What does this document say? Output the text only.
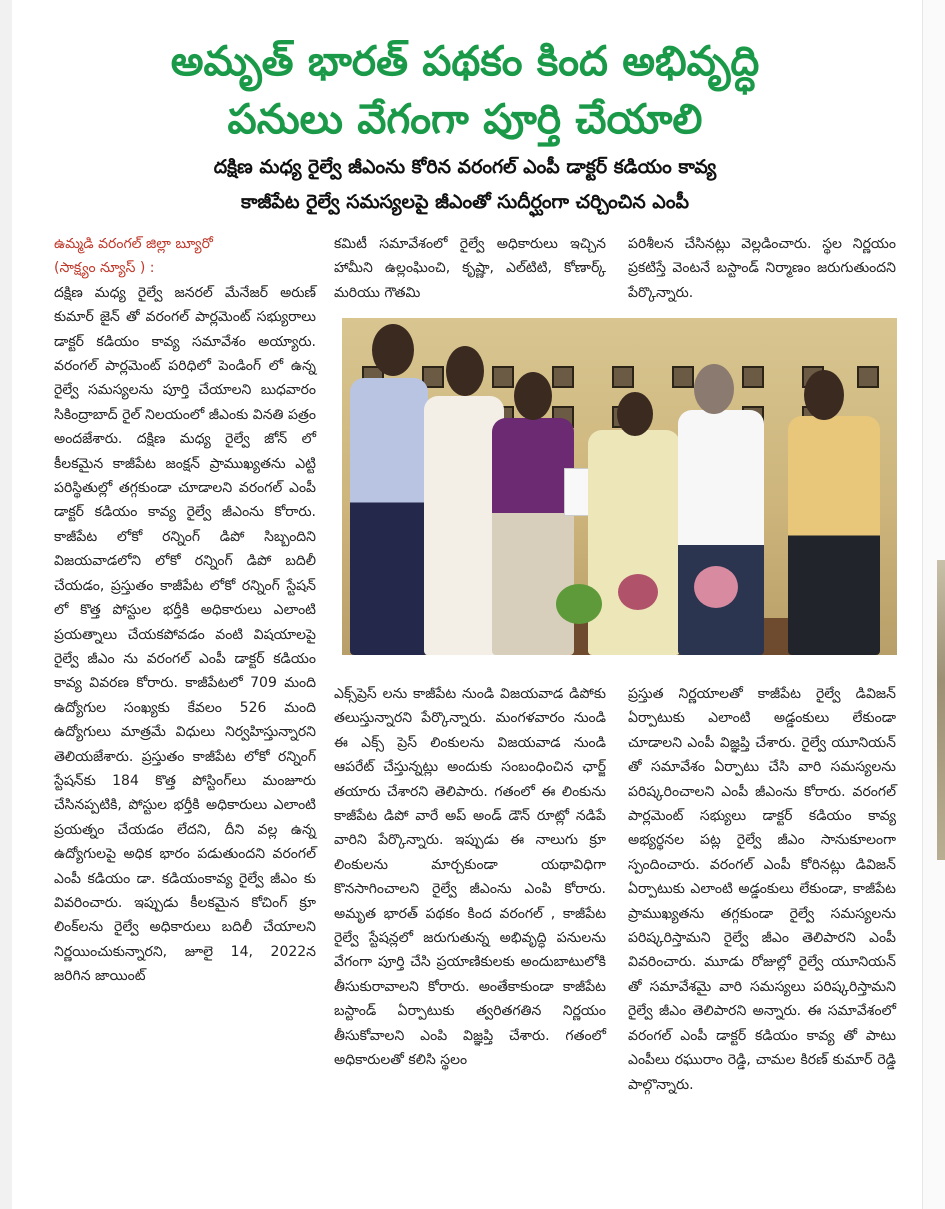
అమృత్ భారత్ పథకం కింద అభివృద్ధి
పనులు వేగంగా పూర్తి చేయాలి
దక్షిణ మధ్య రైల్వే జీఎంను కోరిన వరంగల్ ఎంపీ డాక్టర్ కడియం కావ్య
కాజీపేట రైల్వే సమస్యలపై జీఎంతో సుదీర్ఘంగా చర్చించిన ఎంపీ

ఉమ్మడి వరంగల్ జిల్లా బ్యూరో

(సాక్ష్యం న్యూస్ ) :

దక్షిణ మధ్య రైల్వే జనరల్ మేనేజర్ అరుణ్ కుమార్ జైన్ తో వరంగల్ పార్లమెంట్ సభ్యురాలు డాక్టర్ కడియం కావ్య సమావేశం అయ్యారు. వరంగల్ పార్లమెంట్ పరిధిలో పెండింగ్ లో ఉన్న రైల్వే సమస్యలను పూర్తి చేయాలని బుధవారం సికింద్రాబాద్ రైల్ నిలయంలో జీఎంకు వినతి పత్రం అందజేశారు. దక్షిణ మధ్య రైల్వే జోన్ లో కీలకమైన కాజీపేట జంక్షన్ ప్రాముఖ్యతను ఎట్టి పరిస్థితుల్లో తగ్గకుండా చూడాలని వరంగల్ ఎంపీ డాక్టర్ కడియం కావ్య రైల్వే జీఎంను కోరారు. కాజీపేట లోకో రన్నింగ్ డిపో సిబ్బందిని విజయవాడలోని లోకో రన్నింగ్ డిపో బదిలీ చేయడం, ప్రస్తుతం కాజీపేట లోకో రన్నింగ్ స్టేషన్ లో కొత్త పోస్టుల భర్తీకి అధికారులు ఎలాంటి ప్రయత్నాలు చేయకపోవడం వంటి విషయాలపై రైల్వే జీఎం ను వరంగల్ ఎంపీ డాక్టర్ కడియం కావ్య వివరణ కోరారు. కాజీపేటలో 709 మంది ఉద్యోగుల సంఖ్యకు కేవలం 526 మంది ఉద్యోగులు మాత్రమే విధులు నిర్వహిస్తున్నారని తెలియజేశారు. ప్రస్తుతం కాజీపేట లోకో రన్నింగ్ స్టేషన్‌కు 184 కొత్త పోస్టింగ్‌లు మంజూరు చేసినప్పటికి, పోస్టుల భర్తీకి అధికారులు ఎలాంటి ప్రయత్నం చేయడం లేదని, దీని వల్ల ఉన్న ఉద్యోగులపై అధిక భారం పడుతుందని వరంగల్ ఎంపీ కడియం డా. కడియంకావ్య రైల్వే జీఎం కు వివరించారు. ఇప్పుడు కీలకమైన కోచింగ్ క్రూ లింక్‌లను రైల్వే అధికారులు బదిలీ చేయాలని నిర్ణయించుకున్నారని, జూలై 14, 2022న జరిగిన జాయింట్

కమిటీ సమావేశంలో రైల్వే అధికారులు ఇచ్చిన హామీని ఉల్లంఘించి, కృష్ణా, ఎల్‌టిటి, కోణార్క్ మరియు గౌతమి

పరిశీలన చేసినట్లు వెల్లడించారు. స్థల నిర్ణయం ప్రకటిస్తే వెంటనే బస్టాండ్ నిర్మాణం జరుగుతుందని పేర్కొన్నారు.

ఎక్స్‌ప్రెస్ లను కాజీపేట నుండి విజయవాడ డిపోకు తలుస్తున్నారని పేర్కొన్నారు. మంగళవారం నుండి ఈ ఎక్స్ ప్రెస్ లింకులను విజయవాడ నుండి ఆపరేట్ చేస్తున్నట్లు అందుకు సంబంధించిన ఛార్జ్ తయారు చేశారని తెలిపారు. గతంలో ఈ లింకును కాజీపేట డిపో వారే అప్ అండ్ డౌన్ రూట్లో నడిపే వారిని పేర్కొన్నారు. ఇప్పుడు ఈ నాలుగు క్రూ లింకులను మార్చకుండా యథావిధిగా కొనసాగించాలని రైల్వే జీఎంను ఎంపి కోరారు. అమృత భారత్ పథకం కింద వరంగల్ , కాజీపేట రైల్వే స్టేషన్లలో జరుగుతున్న అభివృద్ధి పనులను వేగంగా పూర్తి చేసి ప్రయాణికులకు అందుబాటులోకి తీసుకురావాలని కోరారు. అంతేకాకుండా కాజీపేట బస్టాండ్ ఏర్పాటుకు త్వరితగతిన నిర్ణయం తీసుకోవాలని ఎంపి విజ్ఞప్తి చేశారు. గతంలో అధికారులతో కలిసి స్థలం

ప్రస్తుత నిర్ణయాలతో కాజీపేట రైల్వే డివిజన్ ఏర్పాటుకు ఎలాంటి అడ్డంకులు లేకుండా చూడాలని ఎంపీ విజ్ఞప్తి చేశారు. రైల్వే యూనియన్ తో సమావేశం ఏర్పాటు చేసి వారి సమస్యలను పరిష్కరించాలని ఎంపీ జీఎంను కోరారు. వరంగల్ పార్లమెంట్ సభ్యులు డాక్టర్ కడియం కావ్య అభ్యర్థనల పట్ల రైల్వే జీఎం సానుకూలంగా స్పందించారు. వరంగల్ ఎంపీ కోరినట్లు డివిజన్ ఏర్పాటుకు ఎలాంటి అడ్డంకులు లేకుండా, కాజీపేట ప్రాముఖ్యతను తగ్గకుండా రైల్వే సమస్యలను పరిష్కరిస్తామని రైల్వే జీఎం తెలిపారని ఎంపీ వివరించారు. మూడు రోజుల్లో రైల్వే యూనియన్ తో సమావేశమై వారి సమస్యలు పరిష్కరిస్తామని రైల్వే జీఎం తెలిపారని అన్నారు. ఈ సమావేశంలో వరంగల్ ఎంపీ డాక్టర్ కడియం కావ్య తో పాటు ఎంపీలు రఘురాం రెడ్డి, చామల కిరణ్ కుమార్ రెడ్డి పాల్గొన్నారు.
